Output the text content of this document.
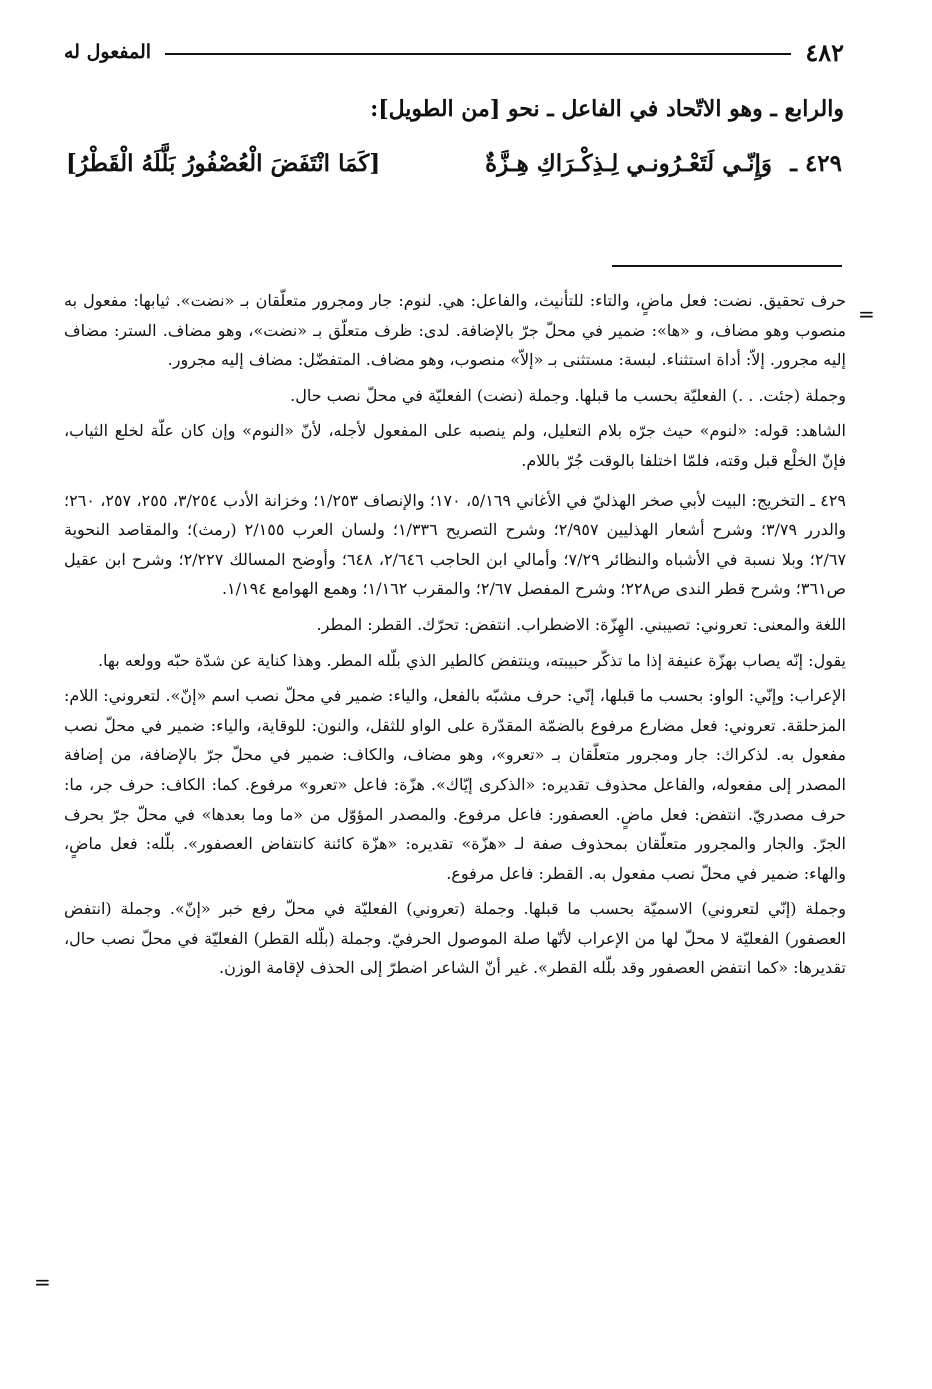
٤٨٢
المفعول له
والرابع ـ وهو الاتّحاد في الفاعل ـ نحو [من الطويل]:
٤٢٩ ـ
وَإِنّـي لَتَعْـرُونـي لِـذِكْـرَاكِ هِـزَّةٌ
[كَمَا انْتَفَضَ الْعُصْفُورُ بَلَّلَهُ الْقَطْرُ]
=

حرف تحقيق. نضت: فعل ماضٍ، والتاء: للتأنيث، والفاعل: هي. لنوم: جار ومجرور متعلّقان بـ «نضت». ثيابها: مفعول به منصوب وهو مضاف، و «ها»: ضمير في محلّ جرّ بالإضافة. لدى: ظرف متعلّق بـ «نضت»، وهو مضاف. الستر: مضاف إليه مجرور. إلاّ: أداة استثناء. لبسة: مستثنى بـ «إلاّ» منصوب، وهو مضاف. المتفضّل: مضاف إليه مجرور.

وجملة (جئت. . .) الفعليّة بحسب ما قبلها. وجملة (نضت) الفعليّة في محلّ نصب حال.

الشاهد: قوله: «لنوم» حيث جرّه بلام التعليل، ولم ينصبه على المفعول لأجله، لأنّ «النوم» وإن كان علّة لخلع الثياب، فإنّ الخلْع قبل وقته، فلمّا اختلفا بالوقت جُرّ باللام.

٤٢٩ ـ التخريج: البيت لأبي صخر الهذليّ في الأغاني ٥/١٦٩، ١٧٠؛ والإنصاف ١/٢٥٣؛ وخزانة الأدب ٣/٢٥٤، ٢٥٥، ٢٥٧، ٢٦٠؛ والدرر ٣/٧٩؛ وشرح أشعار الهذليين ٢/٩٥٧؛ وشرح التصريح ١/٣٣٦؛ ولسان العرب ٢/١٥٥ (رمث)؛ والمقاصد النحوية ٢/٦٧؛ وبلا نسبة في الأشباه والنظائر ٧/٢٩؛ وأمالي ابن الحاجب ٢/٦٤٦، ٦٤٨؛ وأوضح المسالك ٢/٢٢٧؛ وشرح ابن عقيل ص٣٦١؛ وشرح قطر الندى ص٢٢٨؛ وشرح المفصل ٢/٦٧؛ والمقرب ١/١٦٢؛ وهمع الهوامع ١/١٩٤.

اللغة والمعنى: تعروني: تصيبني. الهِزّة: الاضطراب. انتفض: تحرّك. القطر: المطر.

يقول: إنّه يصاب بهزّة عنيفة إذا ما تذكّر حبيبته، وينتفض كالطير الذي بلّله المطر. وهذا كناية عن شدّة حبّه وولعه بها.

الإعراب: وإنّي: الواو: بحسب ما قبلها، إنّي: حرف مشبّه بالفعل، والياء: ضمير في محلّ نصب اسم «إنّ». لتعروني: اللام: المزحلقة. تعروني: فعل مضارع مرفوع بالضمّة المقدّرة على الواو للثقل، والنون: للوقاية، والياء: ضمير في محلّ نصب مفعول به. لذكراك: جار ومجرور متعلّقان بـ «تعرو»، وهو مضاف، والكاف: ضمير في محلّ جرّ بالإضافة، من إضافة المصدر إلى مفعوله، والفاعل محذوف تقديره: «الذكرى إيّاك». هزّة: فاعل «تعرو» مرفوع. كما: الكاف: حرف جر، ما: حرف مصدريّ. انتفض: فعل ماضٍ. العصفور: فاعل مرفوع. والمصدر المؤوّل من «ما وما بعدها» في محلّ جرّ بحرف الجرّ. والجار والمجرور متعلّقان بمحذوف صفة لـ «هزّة» تقديره: «هزّة كائنة كانتفاض العصفور». بلّله: فعل ماضٍ، والهاء: ضمير في محلّ نصب مفعول به. القطر: فاعل مرفوع.

وجملة (إنّي لتعروني) الاسميّة بحسب ما قبلها. وجملة (تعروني) الفعليّة في محلّ رفع خبر «إنّ». وجملة (انتفض العصفور) الفعليّة لا محلّ لها من الإعراب لأنّها صلة الموصول الحرفيّ. وجملة (بلّله القطر) الفعليّة في محلّ نصب حال، تقديرها: «كما انتفض العصفور وقد بلّله القطر». غير أنّ الشاعر اضطرّ إلى الحذف لإقامة الوزن.

=
